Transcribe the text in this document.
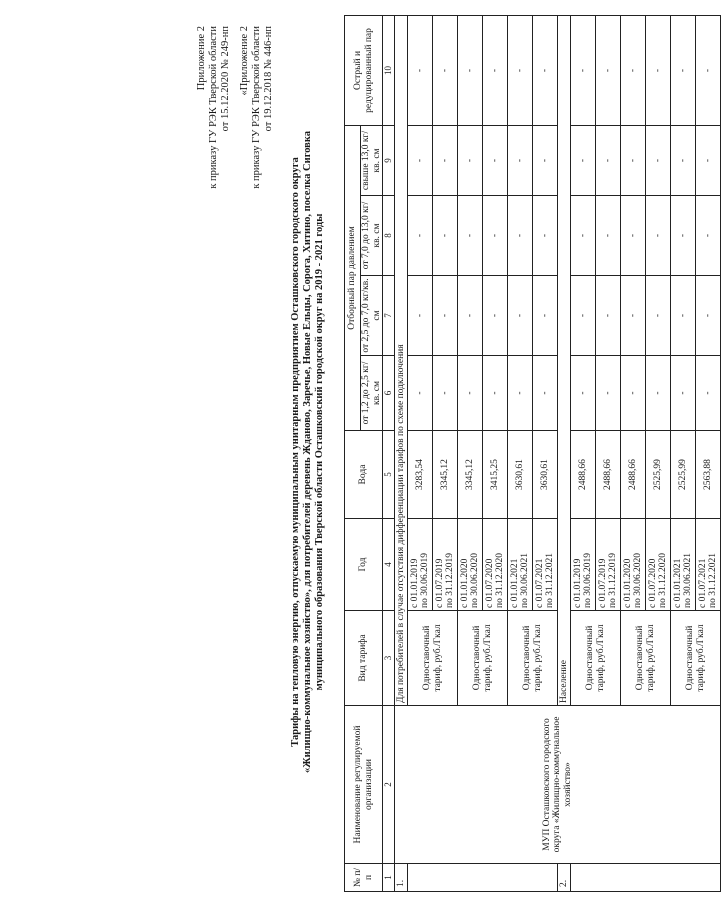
Приложение 2 к приказу ГУ РЭК Тверской области от 15.12.2020 № 249-нп «Приложение 2 к приказу ГУ РЭК Тверской области от 19.12.2018 № 446-нп
Тарифы на тепловую энергию, отпускаемую муниципальным унитарным предприятием Осташковского городского округа «Жилищно-коммунальное хозяйство», для потребителей деревень Ждановo, Заречье, Новые Ельцы, Сорога, Хитино, поселка Сиговка муниципального образования Тверской области Осташковский городской округ на 2019 - 2021 годы
№ п/п	Наименование регулируемой организации	Вид тарифа	Год	Вода	Отборный пар давлением				Острый и редуцированный пар
					от 1,2 до 2,5 кг/кв. см	от 2,5 до 7,0 кг/кв. см	от 7,0 до 13,0 кг/кв. см	свыше 13,0 кг/кв. см	
1	2	3	4	5	6	7	8	9	10
1.	МУП Осташковского городского округа «Жилищно-коммунальное хозяйство»	Для потребителей в случае отсутствия дифференциации тарифов по схеме подключения							
		Одноставочный тариф, руб./Гкал	с 01.01.2019 по 30.06.2019	3283,54	-	-	-	-	-

			с 01.07.2019 по 31.12.2019	3345,12	-	-	-	-	-
		Одноставочный тариф, руб./Гкал	с 01.01.2020 по 30.06.2020	3345,12	-	-	-	-	-

			с 01.07.2020 по 31.12.2020	3415,25	-	-	-	-	-
		Одноставочный тариф, руб./Гкал	с 01.01.2021 по 30.06.2021	3630,61	-	-	-	-	-

			с 01.07.2021 по 31.12.2021	3630,61	-	-	-	-	-
2.		Население							
		Одноставочный тариф, руб./Гкал	с 01.01.2019 по 30.06.2019	2488,66	-	-	-	-	-

			с 01.07.2019 по 31.12.2019	2488,66	-	-	-	-	-
		Одноставочный тариф, руб./Гкал	с 01.01.2020 по 30.06.2020	2488,66	-	-	-	-	-

			с 01.07.2020 по 31.12.2020	2525,99	-	-	-	-	-
		Одноставочный тариф, руб./Гкал	с 01.01.2021 по 30.06.2021	2525,99	-	-	-	-	-

			с 01.07.2021 по 31.12.2021	2563,88	-	-	-	-	-
